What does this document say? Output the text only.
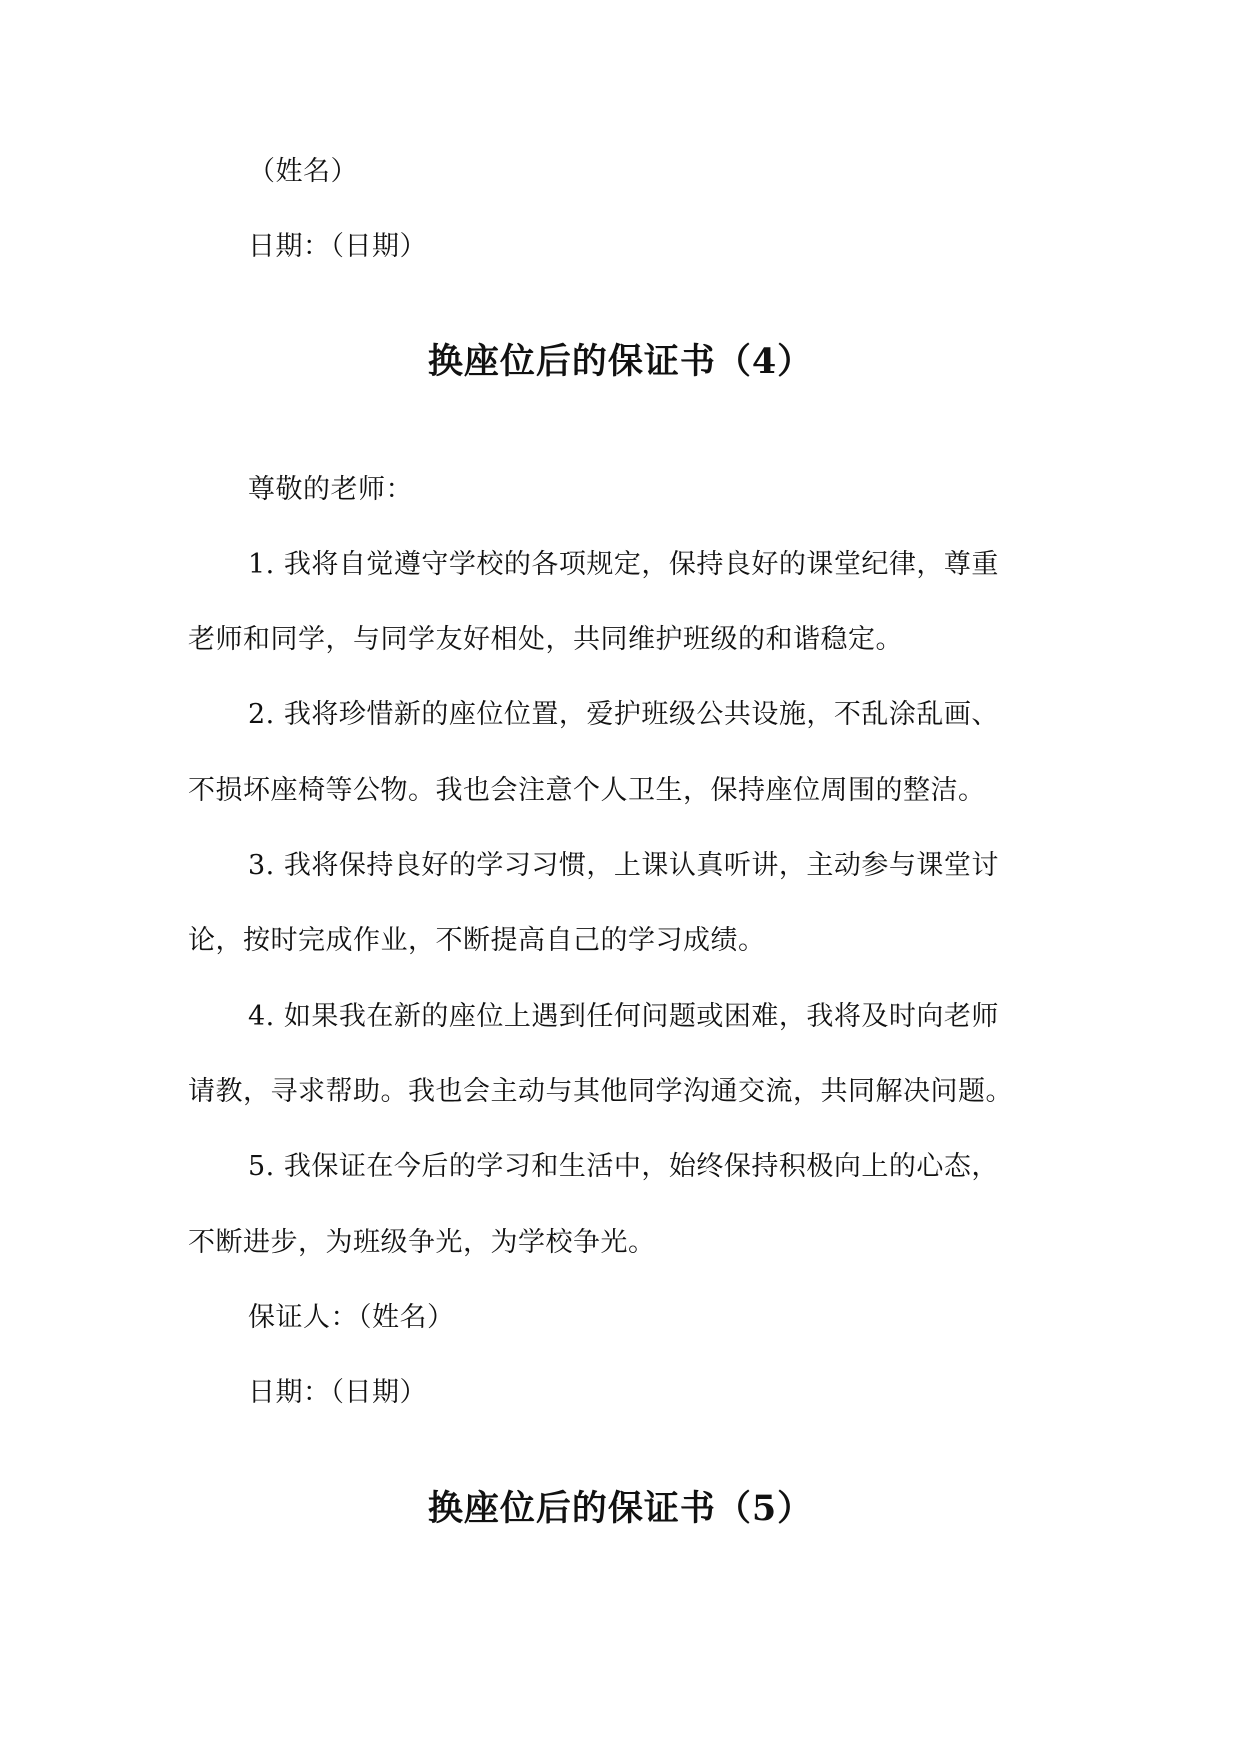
（姓名）
日期：（日期）
换座位后的保证书（4）
尊敬的老师：
1. 我将自觉遵守学校的各项规定，保持良好的课堂纪律，尊重
老师和同学，与同学友好相处，共同维护班级的和谐稳定。
2. 我将珍惜新的座位位置，爱护班级公共设施，不乱涂乱画、
不损坏座椅等公物。我也会注意个人卫生，保持座位周围的整洁。
3. 我将保持良好的学习习惯，上课认真听讲，主动参与课堂讨
论，按时完成作业，不断提高自己的学习成绩。
4. 如果我在新的座位上遇到任何问题或困难，我将及时向老师
请教，寻求帮助。我也会主动与其他同学沟通交流，共同解决问题。
5. 我保证在今后的学习和生活中，始终保持积极向上的心态，
不断进步，为班级争光，为学校争光。
保证人：（姓名）
日期：（日期）
换座位后的保证书（5）
